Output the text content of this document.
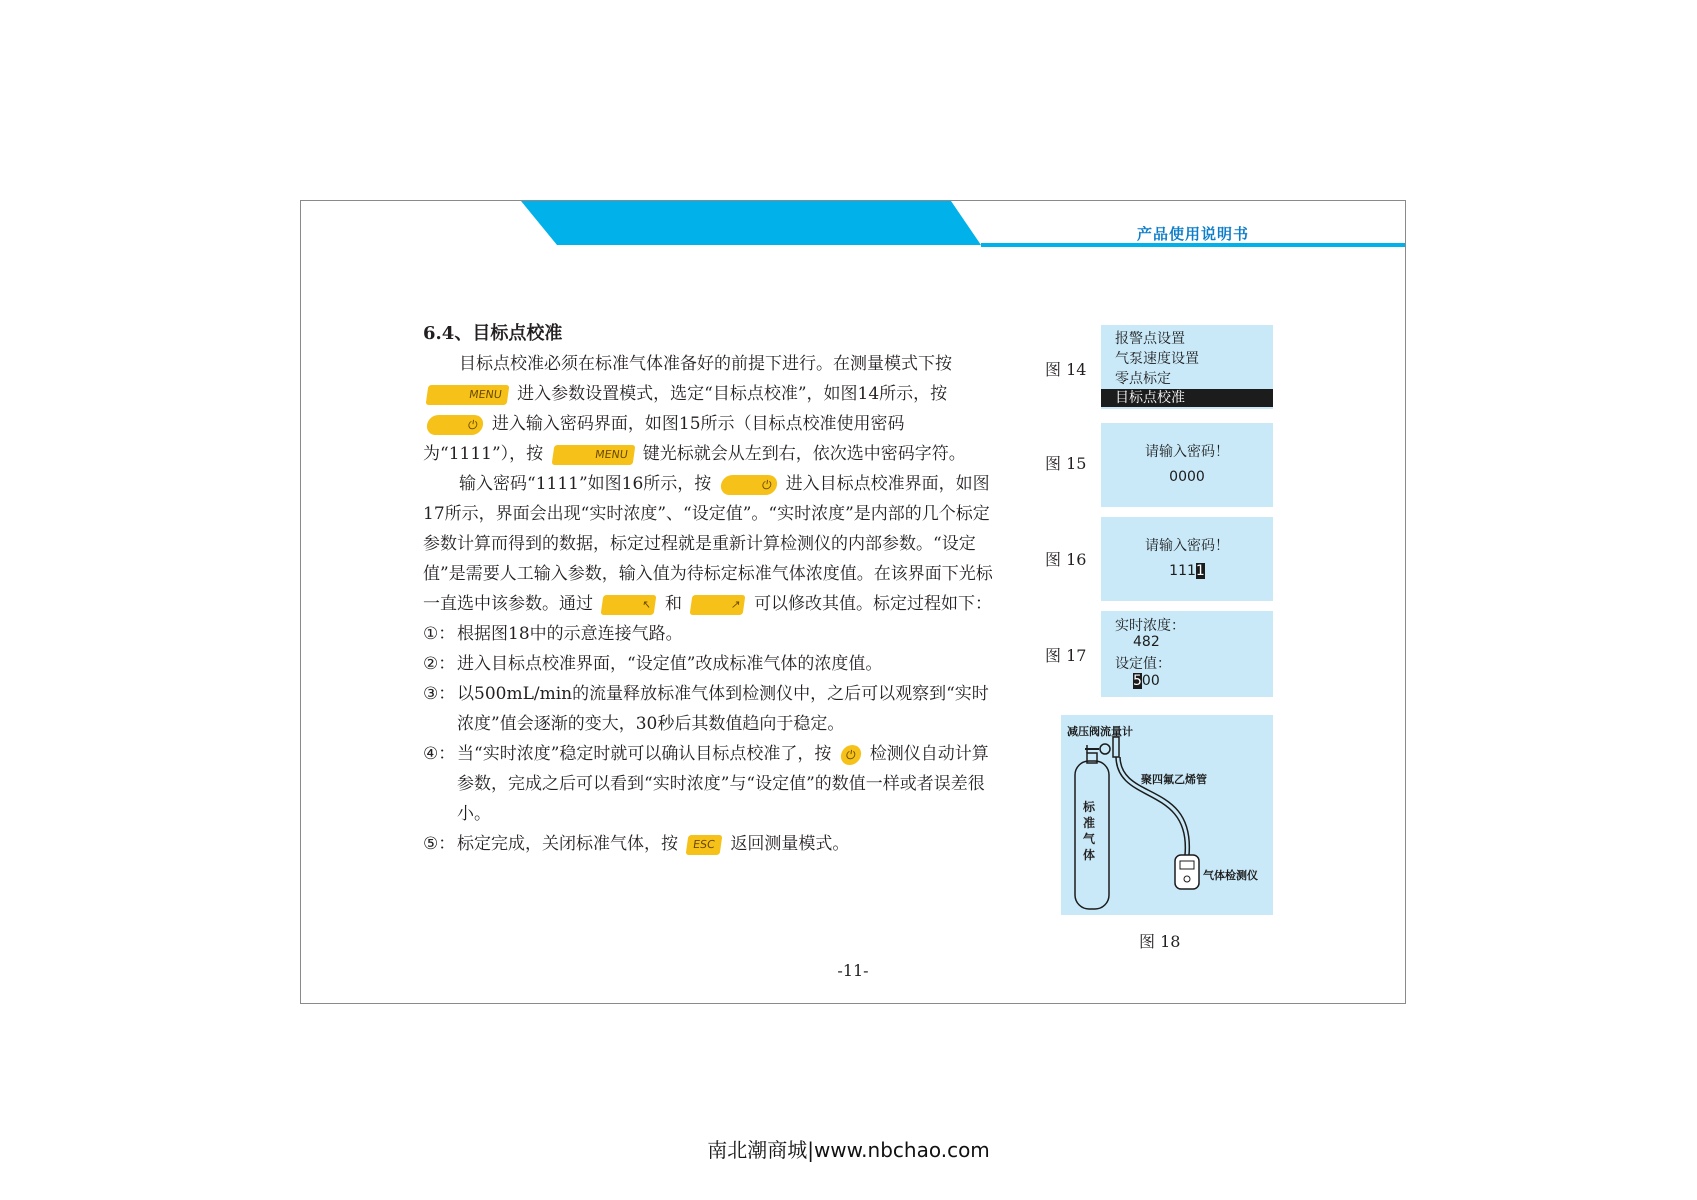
产品使用说明书
6.4、目标点校准

目标点校准必须在标准气体准备好的前提下进行。在测量模式下按
MENU 进入参数设置模式，选定“目标点校准”，如图14所示，按 ⏻ 进入输入密码界面，如图15所示（目标点校准使用密码为“1111”），按	MENU 键光标就会从左到右，依次选中密码字符。

输入密码“1111”如图16所示，按	⏻ 进入目标点校准界面，如图17所示，界面会出现“实时浓度”、“设定值”。“实时浓度”是内部的几个标定参数计算而得到的数据，标定过程就是重新计算检测仪的内部参数。“设定值”是需要人工输入参数，输入值为待标定标准气体浓度值。在该界面下光标一直选中该参数。通过	↖ 和	↗ 可以修改其值。标定过程如下：

①： 根据图18中的示意连接气路。
②： 进入目标点校准界面，“设定值”改成标准气体的浓度值。
③： 以500mL/min的流量释放标准气体到检测仪中，之后可以观察到“实时浓度”值会逐渐的变大，30秒后其数值趋向于稳定。
④： 当“实时浓度”稳定时就可以确认目标点校准了，按 ⏻ 检测仪自动计算参数，完成之后可以看到“实时浓度”与“设定值”的数值一样或者误差很小。
⑤： 标定完成，关闭标准气体，按 ESC 返回测量模式。
图 14
报警点设置
气泵速度设置
零点标定
目标点校准
图 15
请输入密码！
0000
图 16
请输入密码！
1111
图 17
实时浓度：
482
设定值：
500
减压阀流量计
聚四氟乙烯管
标准气体
气体检测仪
图 18
-11-
南北潮商城|www.nbchao.com
